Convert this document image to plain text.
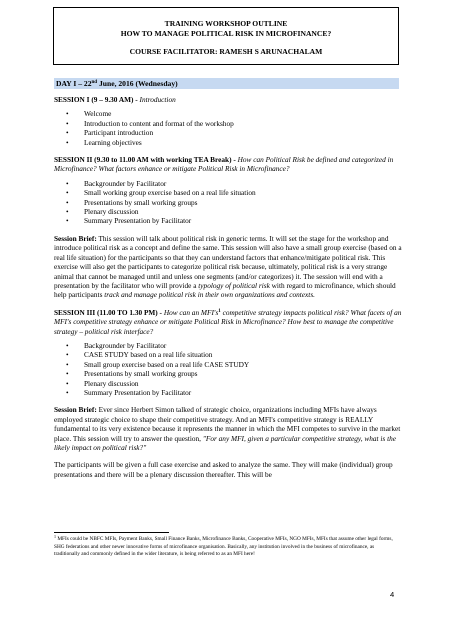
TRAINING WORKSHOP OUTLINE
HOW TO MANAGE POLITICAL RISK IN MICROFINANCE?
COURSE FACILITATOR: RAMESH S ARUNACHALAM
DAY I – 22nd June, 2016 (Wednesday)

SESSION I (9 – 9.30 AM) - Introduction

• Welcome
• Introduction to content and format of the workshop
• Participant introduction
• Learning objectives

SESSION II (9.30 to 11.00 AM with working TEA Break) - How can Political Risk be defined and categorized in Microfinance? What factors enhance or mitigate Political Risk in Microfinance?

• Backgrounder by Facilitator
• Small working group exercise based on a real life situation
• Presentations by small working groups
• Plenary discussion
• Summary Presentation by Facilitator

Session Brief: This session will talk about political risk in generic terms. It will set the stage for the workshop and introduce political risk as a concept and define the same. This session will also have a small group exercise (based on a real life situation) for the participants so that they can understand factors that enhance/mitigate political risk. This exercise will also get the participants to categorize political risk because, ultimately, political risk is a very strange animal that cannot be managed until and unless one segments (and/or categorizes) it. The session will end with a presentation by the facilitator who will provide a typology of political risk with regard to microfinance, which should help participants track and manage political risk in their own organizations and contexts.

SESSION III (11.00 TO 1.30 PM) - How can an $MFI's^1$ competitive strategy impacts political risk? What facets of an MFI's competitive strategy enhance or mitigate Political Risk in Microfinance? How best to manage the competitive strategy – political risk interface?

• Backgrounder by Facilitator
• CASE STUDY based on a real life situation
• Small group exercise based on a real life CASE STUDY
• Presentations by small working groups
• Plenary discussion
• Summary Presentation by Facilitator

Session Brief: Ever since Herbert Simon talked of strategic choice, organizations including MFIs have always employed strategic choice to shape their competitive strategy. And an MFI's competitive strategy is REALLY fundamental to its very existence because it represents the manner in which the MFI competes to survive in the market place. This session will try to answer the question, "For any MFI, given a particular competitive strategy, what is the likely impact on political risk?"

The participants will be given a full case exercise and asked to analyze the same. They will make (individual) group presentations and there will be a plenary discussion thereafter. This will be

$^1$ MFIs could be NBFC MFIs, Payment Banks, Small Finance Banks, Microfinance Banks, Cooperative MFIs, NGO MFIs, MFIs that assume other legal forms, SHG federations and other newer innovative forms of microfinance organisation. Basically, any institution involved in the business of microfinance, as traditionally and commonly defined in the wider literature, is being referred to as an MFI here!
4
